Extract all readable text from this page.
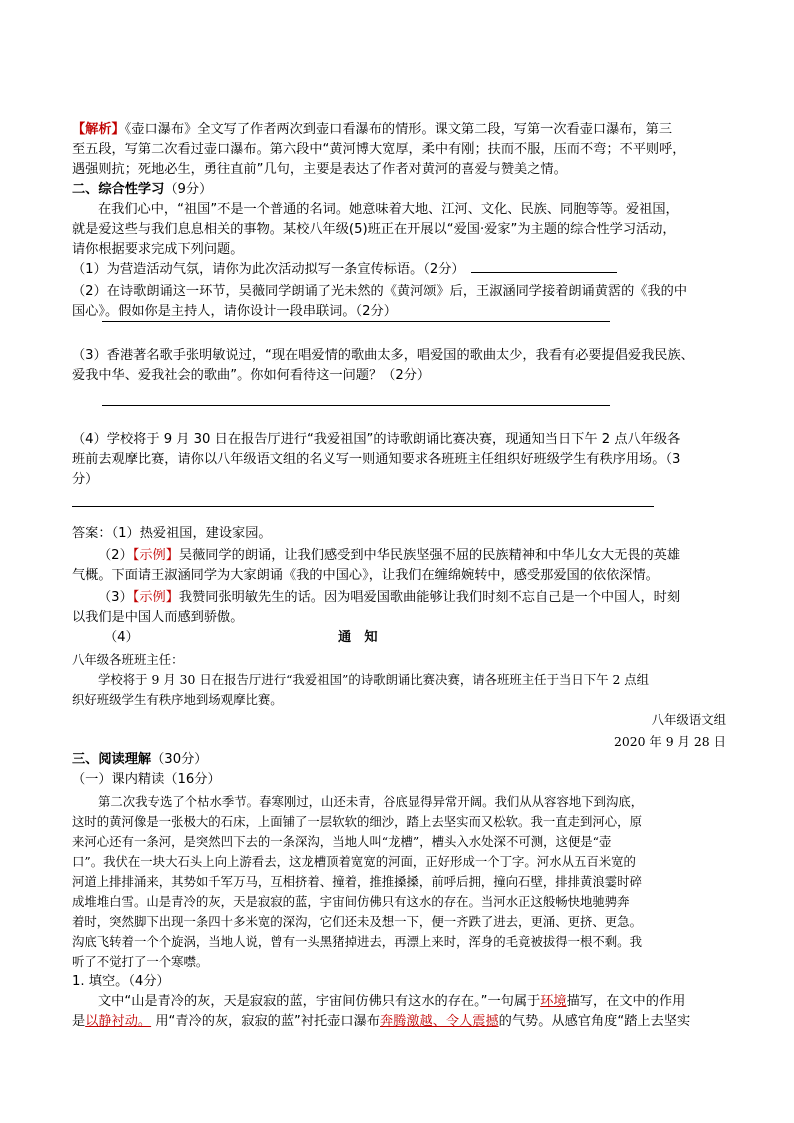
【解析】《壶口瀑布》全文写了作者两次到壶口看瀑布的情形。课文第二段，写第一次看壶口瀑布，第三
至五段，写第二次看过壶口瀑布。第六段中“黄河博大宽厚，柔中有刚；扶而不服，压而不弯；不平则呼，
遇强则抗；死地必生，勇往直前”几句，主要是表达了作者对黄河的喜爱与赞美之情。
二、综合性学习（9分）
在我们心中，“祖国”不是一个普通的名词。她意味着大地、江河、文化、民族、同胞等等。爱祖国，
就是爱这些与我们息息相关的事物。某校八年级(5)班正在开展以“爱国·爱家”为主题的综合性学习活动，
请你根据要求完成下列问题。
（1）为营造活动气氛，请你为此次活动拟写一条宣传标语。（2分）
（2）在诗歌朗诵这一环节，吴薇同学朗诵了光未然的《黄河颂》后，王淑涵同学接着朗诵黄霑的《我的中
国心》。假如你是主持人，请你设计一段串联词。（2分）
（3）香港著名歌手张明敏说过，“现在唱爱情的歌曲太多，唱爱国的歌曲太少，我看有必要提倡爱我民族、
爱我中华、爱我社会的歌曲”。你如何看待这一问题？（2分）
（4）学校将于 9 月 30 日在报告厅进行“我爱祖国”的诗歌朗诵比赛决赛，现通知当日下午 2 点八年级各
班前去观摩比赛，请你以八年级语文组的名义写一则通知要求各班班主任组织好班级学生有秩序用场。（3
分）
答案：（1）热爱祖国，建设家园。
（2）【示例】吴薇同学的朗诵，让我们感受到中华民族坚强不屈的民族精神和中华儿女大无畏的英雄
气概。下面请王淑涵同学为大家朗诵《我的中国心》，让我们在缠绵婉转中，感受那爱国的依依深情。
（3）【示例】我赞同张明敏先生的话。因为唱爱国歌曲能够让我们时刻不忘自己是一个中国人，时刻
以我们是中国人而感到骄傲。
（4）	通　知
八年级各班班主任：
学校将于 9 月 30 日在报告厅进行“我爱祖国”的诗歌朗诵比赛决赛，请各班班主任于当日下午 2 点组
织好班级学生有秩序地到场观摩比赛。
八年级语文组
2020 年 9 月 28 日
三、阅读理解（30分）
（一）课内精读（16分）
第二次我专选了个枯水季节。春寒刚过，山还未青，谷底显得异常开阔。我们从从容容地下到沟底，
这时的黄河像是一张极大的石床，上面铺了一层软软的细沙，踏上去坚实而又松软。我一直走到河心，原
来河心还有一条河，是突然凹下去的一条深沟，当地人叫“龙槽”，槽头入水处深不可测，这便是“壶
口”。我伏在一块大石头上向上游看去，这龙槽顶着宽宽的河面，正好形成一个丁字。河水从五百米宽的
河道上排排涌来，其势如千军万马，互相挤着、撞着，推推搡搡，前呼后拥，撞向石壁，排排黄浪霎时碎
成堆堆白雪。山是青冷的灰，天是寂寂的蓝，宇宙间仿佛只有这水的存在。当河水正这般畅快地驰骋奔
着时，突然脚下出现一条四十多米宽的深沟，它们还未及想一下，便一齐跌了进去，更涌、更挤、更急。
沟底飞转着一个个旋涡，当地人说，曾有一头黑猪掉进去，再漂上来时，浑身的毛竟被拔得一根不剩。我
听了不觉打了一个寒噤。
1. 填空。（4分）
文中“山是青冷的灰，天是寂寂的蓝，宇宙间仿佛只有这水的存在。”一句属于环境描写，在文中的作用
是以静衬动。 用“青冷的灰，寂寂的蓝”衬托壶口瀑布奔腾激越、令人震撼的气势。从感官角度“踏上去坚实
